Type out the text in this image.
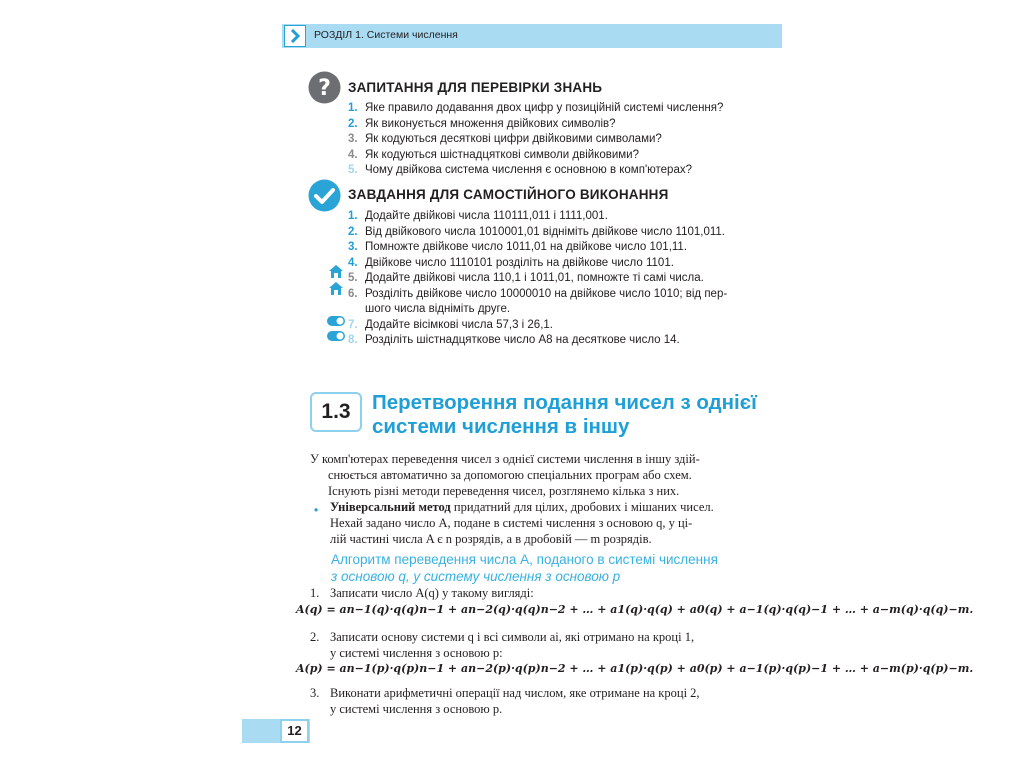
РОЗДІЛ 1. Системи числення
? ЗАПИТАННЯ ДЛЯ ПЕРЕВІРКИ ЗНАНЬ
1. Яке правило додавання двох цифр у позиційній системі числення?
2. Як виконується множення двійкових символів?
3. Як кодуються десяткові цифри двійковими символами?
4. Як кодуються шістнадцяткові символи двійковими?
5. Чому двійкова система числення є основною в комп'ютерах?
ЗАВДАННЯ ДЛЯ САМОСТІЙНОГО ВИКОНАННЯ
1. Додайте двійкові числа 110111,011 і 1111,001.
2. Від двійкового числа 1010001,01 відніміть двійкове число 1101,011.
3. Помножте двійкове число 1011,01 на двійкове число 101,11.
4. Двійкове число 1110101 розділіть на двійкове число 1101.
5. Додайте двійкові числа 110,1 і 1011,01, помножте ті самі числа.
6. Розділіть двійкове число 10000010 на двійкове число 1010; від пер-
шого числа відніміть друге.
7. Додайте вісімкові числа 57,3 і 26,1.
8. Розділіть шістнадцяткове число А8 на десяткове число 14.
1.3	Перетворення подання чисел з однієї
системи числення в іншу
У комп'ютерах переведення чисел з однієї системи числення в іншу здій-
снюється автоматично за допомогою спеціальних програм або схем.
Існують різні методи переведення чисел, розглянемо кілька з них.
• Універсальний метод придатний для цілих, дробових і мішаних чисел.
Нехай задано число A, подане в системі числення з основою q, у ці-
лій частині числа A є n розрядів, а в дробовій — m розрядів.
Алгоритм переведення числа A, поданого в системі числення
з основою q, у систему числення з основою p
1. Записати число A(q) у такому вигляді:
A(q) = an−1(q)·q(q)n−1 + an−2(q)·q(q)n−2 + … + a1(q)·q(q) + a0(q) + a−1(q)·q(q)−1 + … + a−m(q)·q(q)−m.
2. Записати основу системи q і всі символи ai, які отримано на кроці 1,
у системі числення з основою p:
A(p) = an−1(p)·q(p)n−1 + an−2(p)·q(p)n−2 + … + a1(p)·q(p) + a0(p) + a−1(p)·q(p)−1 + … + a−m(p)·q(p)−m.
3. Виконати арифметичні операції над числом, яке отримане на кроці 2,
у системі числення з основою p.
12
